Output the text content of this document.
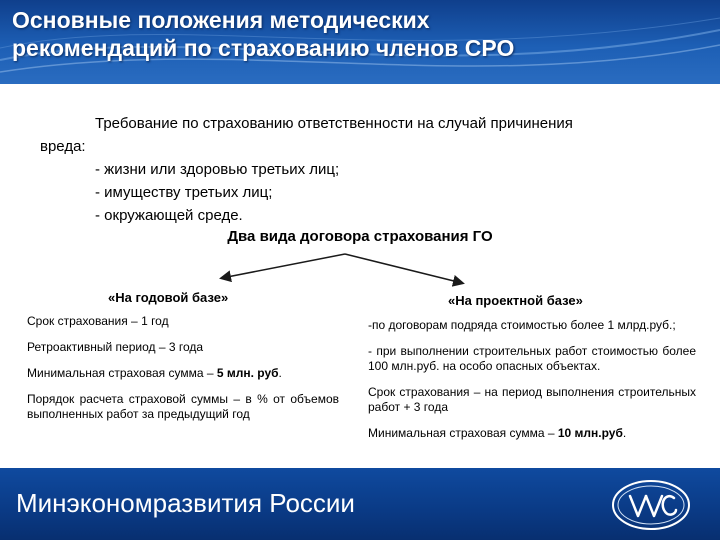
Основные положения методических
рекомендаций по страхованию членов СРО
Требование по страхованию ответственности на случай причинения
вреда:
- жизни или здоровью третьих лиц;
- имуществу третьих лиц;
- окружающей среде.
Два вида договора страхования ГО
«На годовой базе»	«На проектной базе»

Срок страхования – 1 год

Ретроактивный период – 3 года

Минимальная страховая сумма – 5 млн. руб.

Порядок расчета страховой суммы – в % от объемов выполненных работ за предыдущий год

-по договорам подряда стоимостью более 1 млрд.руб.;

- при выполнении строительных работ стоимостью более 100 млн.руб. на особо опасных объектах.

Срок страхования – на период выполнения строительных работ + 3 года

Минимальная страховая сумма – 10 млн.руб.

Минэкономразвития России
